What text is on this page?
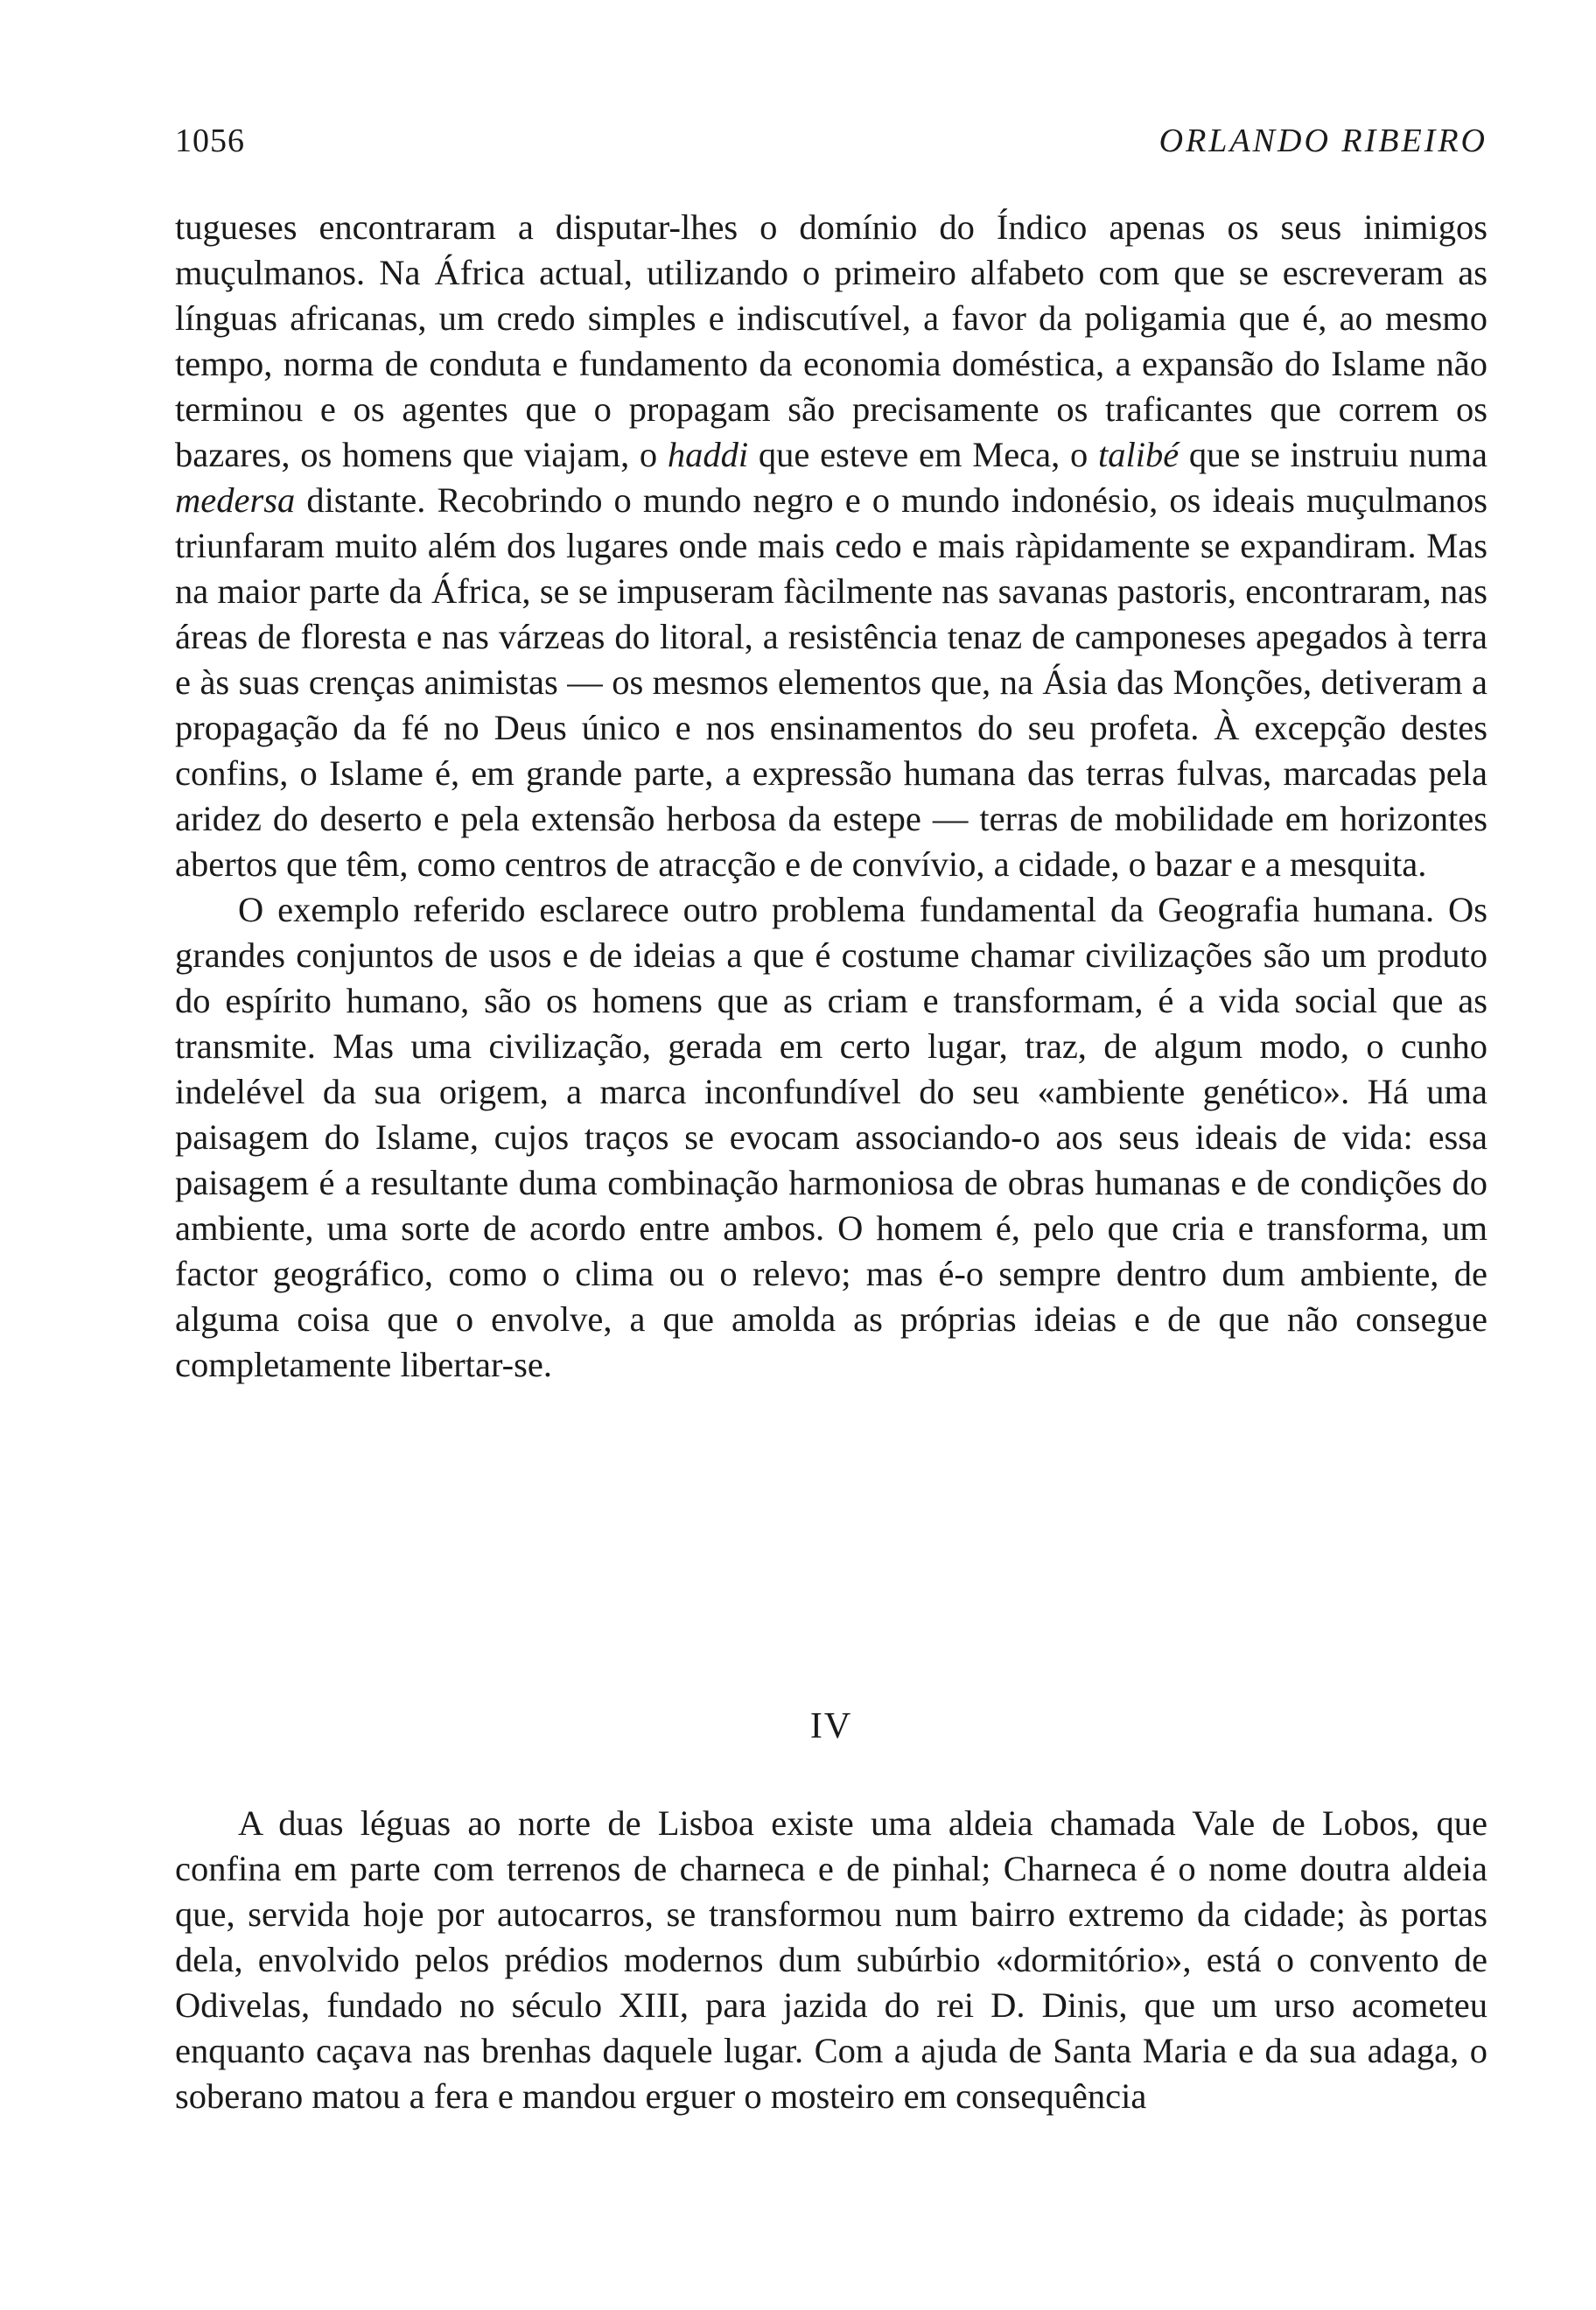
1056	ORLANDO RIBEIRO

tugueses encontraram a disputar-lhes o domínio do Índico apenas os seus inimigos muçulmanos. Na África actual, utilizando o primeiro alfabeto com que se escreveram as línguas africanas, um credo simples e indiscutível, a favor da poligamia que é, ao mesmo tempo, norma de conduta e fundamento da economia doméstica, a expansão do Islame não terminou e os agentes que o propagam são precisamente os traficantes que correm os bazares, os homens que viajam, o haddi que esteve em Meca, o talibé que se instruiu numa medersa distante. Recobrindo o mundo negro e o mundo indonésio, os ideais muçulmanos triunfaram muito além dos lugares onde mais cedo e mais ràpidamente se expandiram. Mas na maior parte da África, se se impuseram fàcilmente nas savanas pastoris, encontraram, nas áreas de floresta e nas várzeas do litoral, a resistência tenaz de camponeses apegados à terra e às suas crenças animistas — os mesmos elementos que, na Ásia das Monções, detiveram a propagação da fé no Deus único e nos ensinamentos do seu profeta. À excepção destes confins, o Islame é, em grande parte, a expressão humana das terras fulvas, marcadas pela aridez do deserto e pela extensão herbosa da estepe — terras de mobilidade em horizontes abertos que têm, como centros de atracção e de convívio, a cidade, o bazar e a mesquita.

O exemplo referido esclarece outro problema fundamental da Geografia humana. Os grandes conjuntos de usos e de ideias a que é costume chamar civilizações são um produto do espírito humano, são os homens que as criam e transformam, é a vida social que as transmite. Mas uma civilização, gerada em certo lugar, traz, de algum modo, o cunho indelével da sua origem, a marca inconfundível do seu «ambiente genético». Há uma paisagem do Islame, cujos traços se evocam associando-o aos seus ideais de vida: essa paisagem é a resultante duma combinação harmoniosa de obras humanas e de condições do ambiente, uma sorte de acordo entre ambos. O homem é, pelo que cria e transforma, um factor geográfico, como o clima ou o relevo; mas é-o sempre dentro dum ambiente, de alguma coisa que o envolve, a que amolda as próprias ideias e de que não consegue completamente libertar-se.

IV

A duas léguas ao norte de Lisboa existe uma aldeia chamada Vale de Lobos, que confina em parte com terrenos de charneca e de pinhal; Charneca é o nome doutra aldeia que, servida hoje por autocarros, se transformou num bairro extremo da cidade; às portas dela, envolvido pelos prédios modernos dum subúrbio «dormitório», está o convento de Odivelas, fundado no século XIII, para jazida do rei D. Dinis, que um urso acometeu enquanto caçava nas brenhas daquele lugar. Com a ajuda de Santa Maria e da sua adaga, o soberano matou a fera e mandou erguer o mosteiro em consequência
